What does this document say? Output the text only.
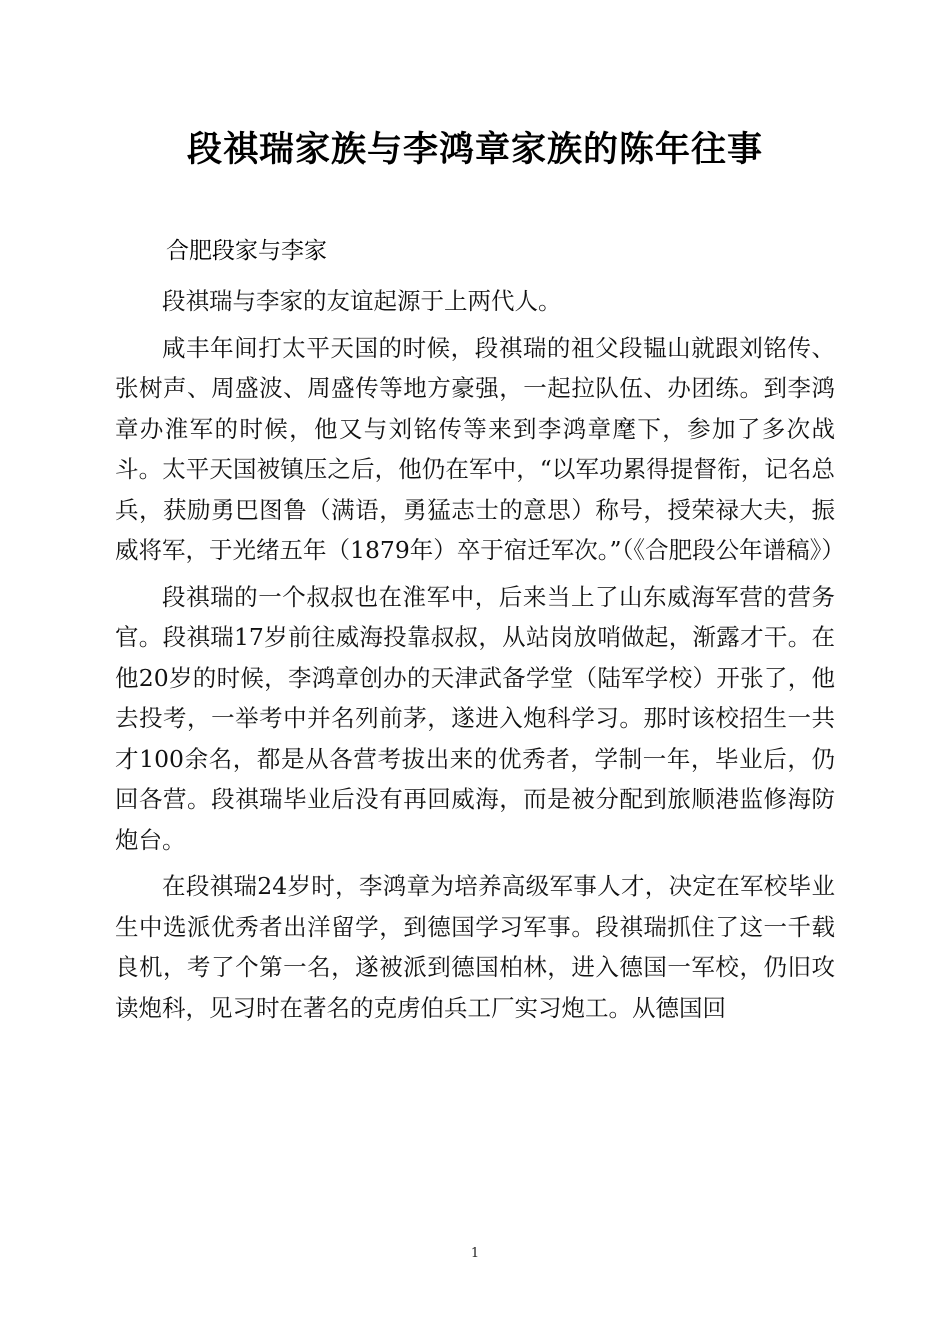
段祺瑞家族与李鸿章家族的陈年往事
合肥段家与李家

段祺瑞与李家的友谊起源于上两代人。

咸丰年间打太平天国的时候，段祺瑞的祖父段韫山就跟刘铭传、张树声、周盛波、周盛传等地方豪强，一起拉队伍、办团练。到李鸿章办淮军的时候，他又与刘铭传等来到李鸿章麾下，参加了多次战斗。太平天国被镇压之后，他仍在军中，“以军功累得提督衔，记名总兵，获励勇巴图鲁（满语，勇猛志士的意思）称号，授荣禄大夫，振威将军，于光绪五年（1879年）卒于宿迁军次。”（《合肥段公年谱稿》）

段祺瑞的一个叔叔也在淮军中，后来当上了山东威海军营的营务官。段祺瑞17岁前往威海投靠叔叔，从站岗放哨做起，渐露才干。在他20岁的时候，李鸿章创办的天津武备学堂（陆军学校）开张了，他去投考，一举考中并名列前茅，遂进入炮科学习。那时该校招生一共才100余名，都是从各营考拔出来的优秀者，学制一年，毕业后，仍回各营。段祺瑞毕业后没有再回威海，而是被分配到旅顺港监修海防炮台。

在段祺瑞24岁时，李鸿章为培养高级军事人才，决定在军校毕业生中选派优秀者出洋留学，到德国学习军事。段祺瑞抓住了这一千载良机，考了个第一名，遂被派到德国柏林，进入德国一军校，仍旧攻读炮科，见习时在著名的克虏伯兵工厂实习炮工。从德国回

1
